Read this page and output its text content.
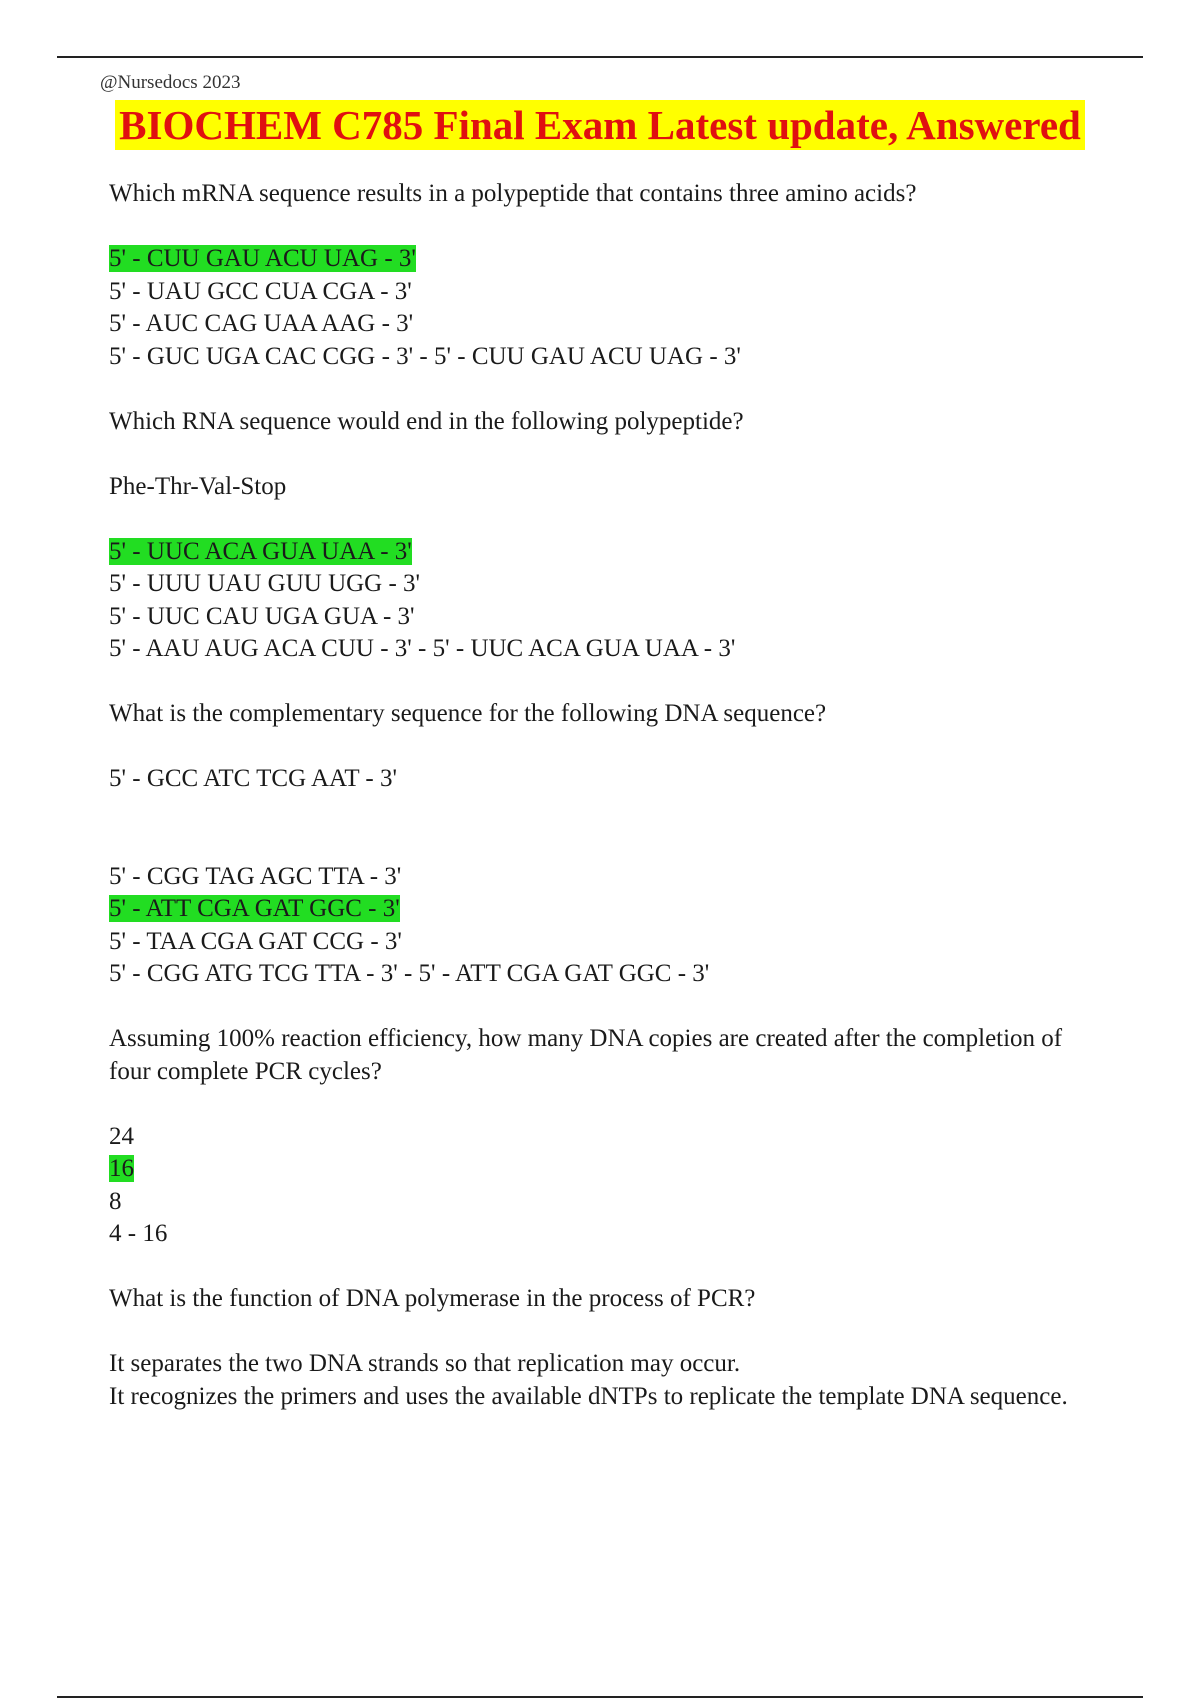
@Nursedocs 2023
BIOCHEM C785 Final Exam Latest update, Answered

Which mRNA sequence results in a polypeptide that contains three amino acids?

5' - CUU GAU ACU UAG - 3'

5' - UAU GCC CUA CGA - 3'

5' - AUC CAG UAA AAG - 3'

5' - GUC UGA CAC CGG - 3' - 5' - CUU GAU ACU UAG - 3'

Which RNA sequence would end in the following polypeptide?

Phe-Thr-Val-Stop

5' - UUC ACA GUA UAA - 3'

5' - UUU UAU GUU UGG - 3'

5' - UUC CAU UGA GUA - 3'

5' - AAU AUG ACA CUU - 3' - 5' - UUC ACA GUA UAA - 3'

What is the complementary sequence for the following DNA sequence?

5' - GCC ATC TCG AAT - 3'

5' - CGG TAG AGC TTA - 3'

5' - ATT CGA GAT GGC - 3'

5' - TAA CGA GAT CCG - 3'

5' - CGG ATG TCG TTA - 3' - 5' - ATT CGA GAT GGC - 3'

Assuming 100% reaction efficiency, how many DNA copies are created after the completion of four complete PCR cycles?

24

16

8

4 - 16

What is the function of DNA polymerase in the process of PCR?

It separates the two DNA strands so that replication may occur.

It recognizes the primers and uses the available dNTPs to replicate the template DNA sequence.
